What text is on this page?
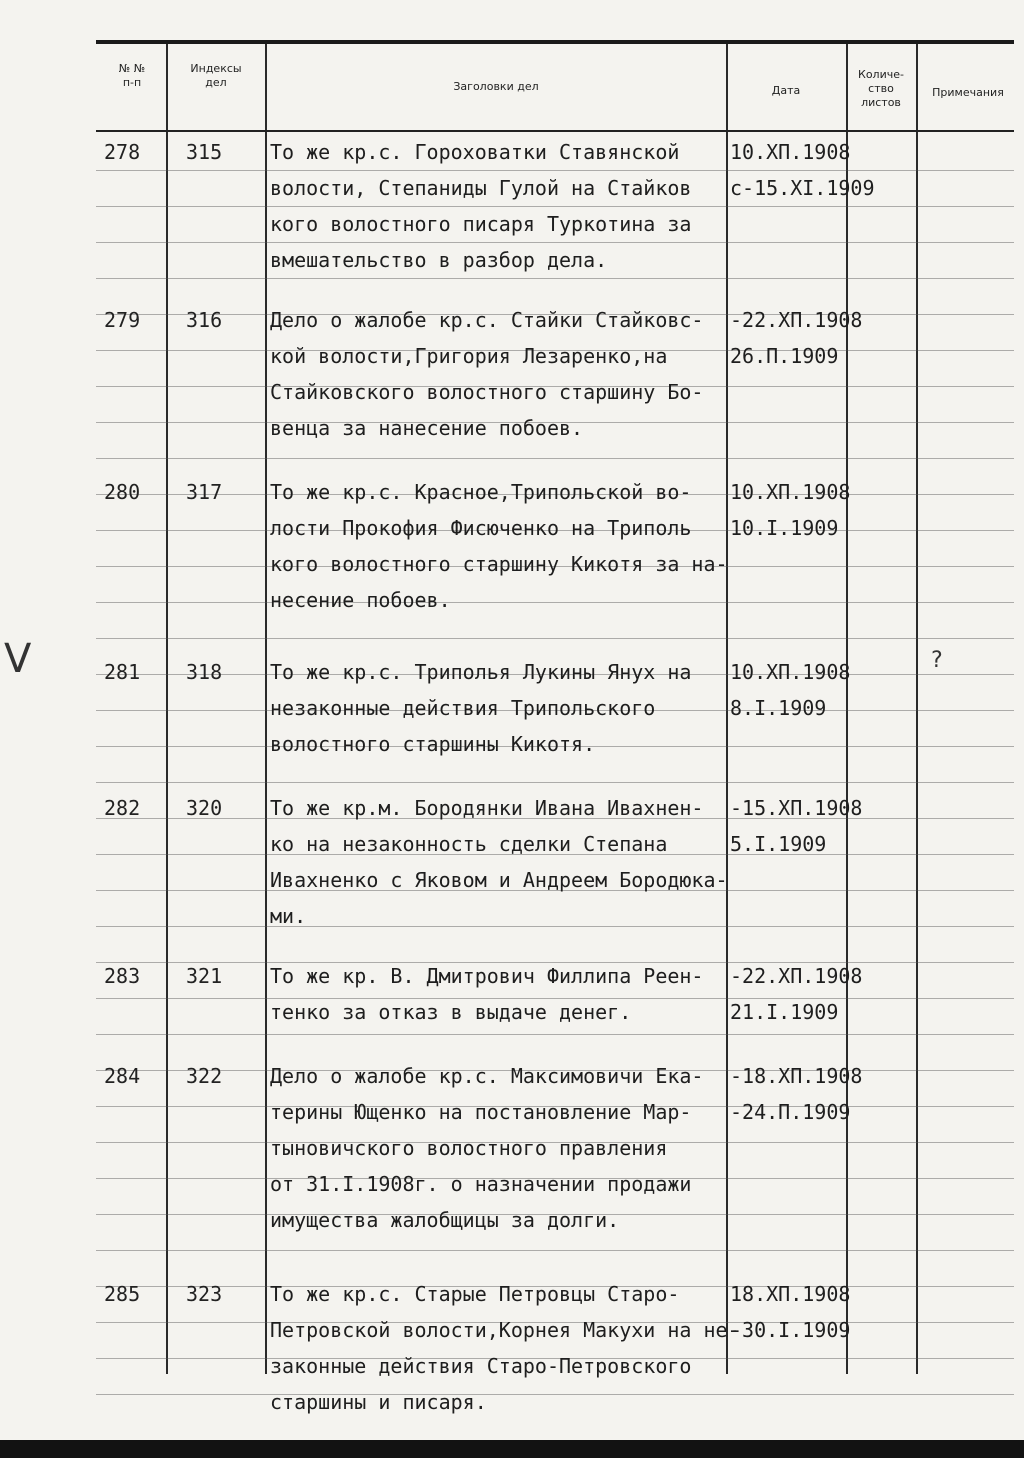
№ №
п-п
Индексы
дел	Заголовки дел	Дата
Количе-
ство
листов
Примечания
278 315 То же кр.с. Гороховатки Ставянской
волости, Степаниды Гулой на Стайков
кого волостного писаря Туркотина за
вмешательство в разбор дела.
10.ХП.1908
с-15.XI.1909
279 316 Дело о жалобе кр.с. Стайки Стайковс-
кой волости,Григория Лезаренко,на
Стайковского волостного старшину Бо-
венца за нанесение побоев.
-22.ХП.1908
26.П.1909
280 317 То же кр.с. Красное,Трипольской во-
лости Прокофия Фисюченко на Триполь
кого волостного старшину Кикотя за на-
несение побоев.
10.ХП.1908
10.I.1909
281 318 То же кр.с. Триполья Лукины Янух на
незаконные действия Трипольского
волостного старшины Кикотя.
10.ХП.1908
8.I.1909
?
282 320 То же кр.м. Бородянки Ивана Ивахнен-
ко на незаконность сделки Степана
Ивахненко с Яковом и Андреем Бородюка-
ми.
-15.ХП.1908
5.I.1909
283 321 То же кр. В. Дмитрович Филлипа Реен-
тенко за отказ в выдаче денег.
-22.ХП.1908
21.I.1909
284 322 Дело о жалобе кр.с. Максимовичи Ека-
терины Ющенко на постановление Мар-
тыновичского волостного правления
от 31.I.1908г. о назначении продажи
имущества жалобщицы за долги.
-18.ХП.1908
-24.П.1909
285 323 То же кр.с. Старые Петровцы Старо-
Петровской волости,Корнея Макухи на не-
законные действия Старо-Петровского
старшины и писаря.
18.ХП.1908
-30.I.1909
V
